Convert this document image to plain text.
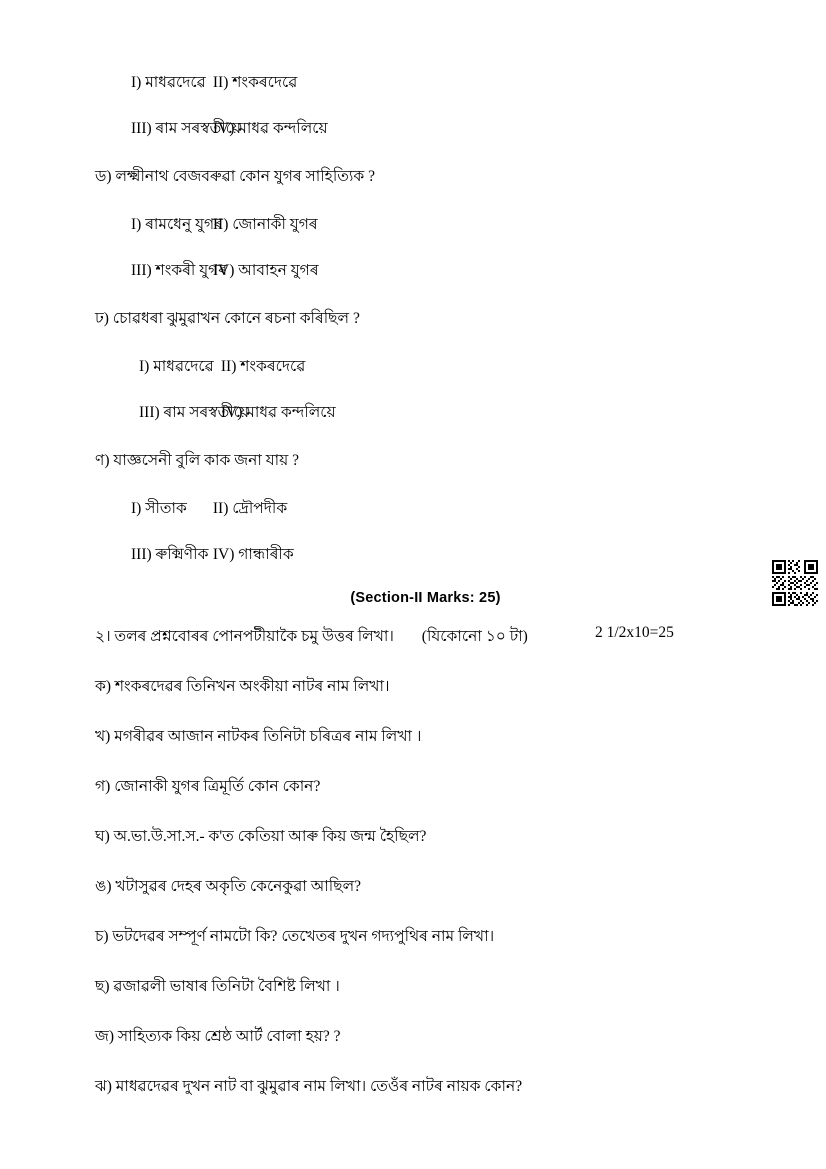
I) মাধৱদেৱে II) শংকৰদেৱে
III) ৰাম সৰস্বতীয়ে IV) মাধৱ কন্দলিয়ে
ড) লক্ষ্মীনাথ বেজবৰুৱা কোন যুগৰ সাহিত্যিক ?
I) ৰামধেনু যুগৰ II) জোনাকী যুগৰ
III) শংকৰী যুগৰ IV) আবাহন যুগৰ
ঢ) চোৱধৰা ঝুমুৱাখন কোনে ৰচনা কৰিছিল ?
I) মাধৱদেৱে II) শংকৰদেৱে
III) ৰাম সৰস্বতীয়ে IV) মাধৱ কন্দলিয়ে
ণ) যাজ্ঞসেনী বুলি কাক জনা যায় ?
I) সীতাক II) দ্ৰৌপদীক
III) ৰুক্মিণীক IV) গান্ধাৰীক
(Section-II Marks: 25)
২। তলৰ প্ৰশ্নবোৰৰ পোনপটীয়াকৈ চমু উত্তৰ লিখা। (যিকোনো ১০ টা)	2 1/2x10=25
ক) শংকৰদেৱৰ তিনিখন অংকীয়া নাটৰ নাম লিখা।
খ) মগৰীৱৰ আজান নাটকৰ তিনিটা চৰিত্ৰৰ নাম লিখা ।
গ) জোনাকী যুগৰ ত্ৰিমূৰ্তি কোন কোন?
ঘ) অ.ভা.উ.সা.স.- ক'ত কেতিয়া আৰু কিয় জন্ম হৈছিল?
ঙ) খটাসুৱৰ দেহৰ অকৃতি কেনেকুৱা আছিল?
চ) ভটদেৱৰ সম্পূৰ্ণ নামটো কি? তেখেতৰ দুখন গদ্যপুথিৰ নাম লিখা।
ছ) ৱজাৱলী ভাষাৰ তিনিটা বৈশিষ্ট লিখা ।
জ) সাহিত্যক কিয় শ্ৰেষ্ঠ আৰ্ট বোলা হয়? ?
ঝ) মাধৱদেৱৰ দুখন নাট বা ঝুমুৱাৰ নাম লিখা। তেওঁৰ নাটৰ নায়ক কোন?
